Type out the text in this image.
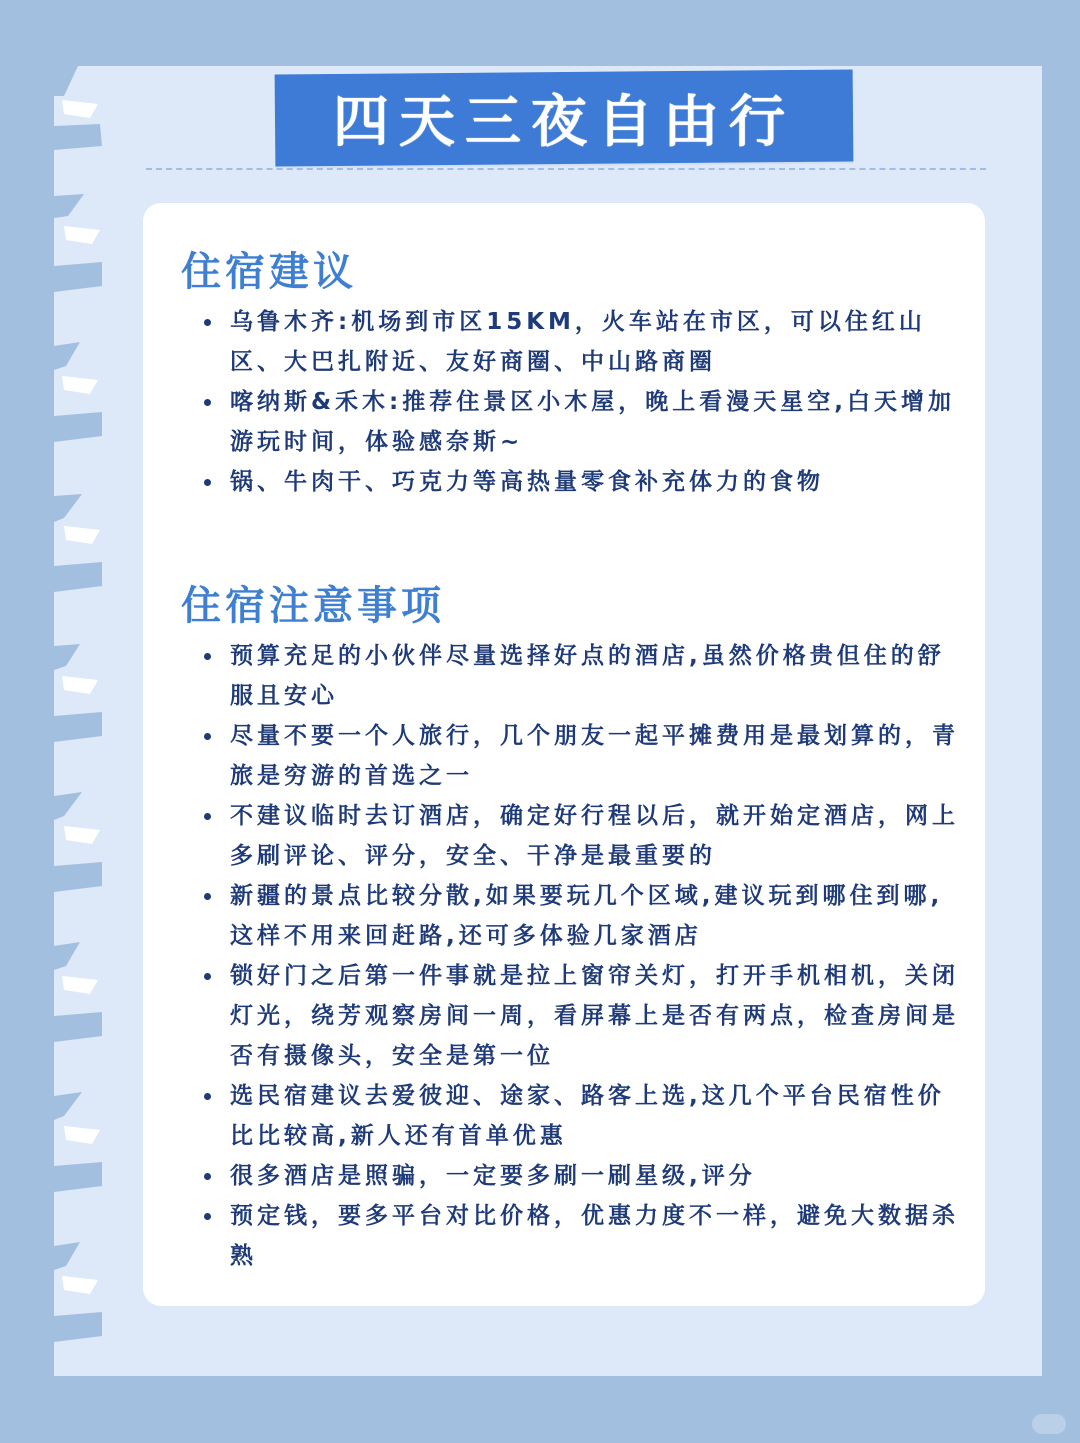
四天三夜自由行
住宿建议
乌鲁木齐:机场到市区15KM，火车站在市区，可以住红山区、大巴扎附近、友好商圈、中山路商圈
喀纳斯&禾木:推荐住景区小木屋，晚上看漫天星空,白天增加游玩时间，体验感奈斯~
锅、牛肉干、巧克力等高热量零食补充体力的食物
住宿注意事项
预算充足的小伙伴尽量选择好点的酒店,虽然价格贵但住的舒服且安心
尽量不要一个人旅行，几个朋友一起平摊费用是最划算的，青旅是穷游的首选之一
不建议临时去订酒店，确定好行程以后，就开始定酒店，网上多刷评论、评分，安全、干净是最重要的
新疆的景点比较分散,如果要玩几个区域,建议玩到哪住到哪,这样不用来回赶路,还可多体验几家酒店
锁好门之后第一件事就是拉上窗帘关灯，打开手机相机，关闭灯光，绕芳观察房间一周，看屏幕上是否有两点，检查房间是否有摄像头，安全是第一位
选民宿建议去爱彼迎、途家、路客上选,这几个平台民宿性价比比较高,新人还有首单优惠
很多酒店是照骗，一定要多刷一刷星级,评分
预定钱，要多平台对比价格，优惠力度不一样，避免大数据杀熟
